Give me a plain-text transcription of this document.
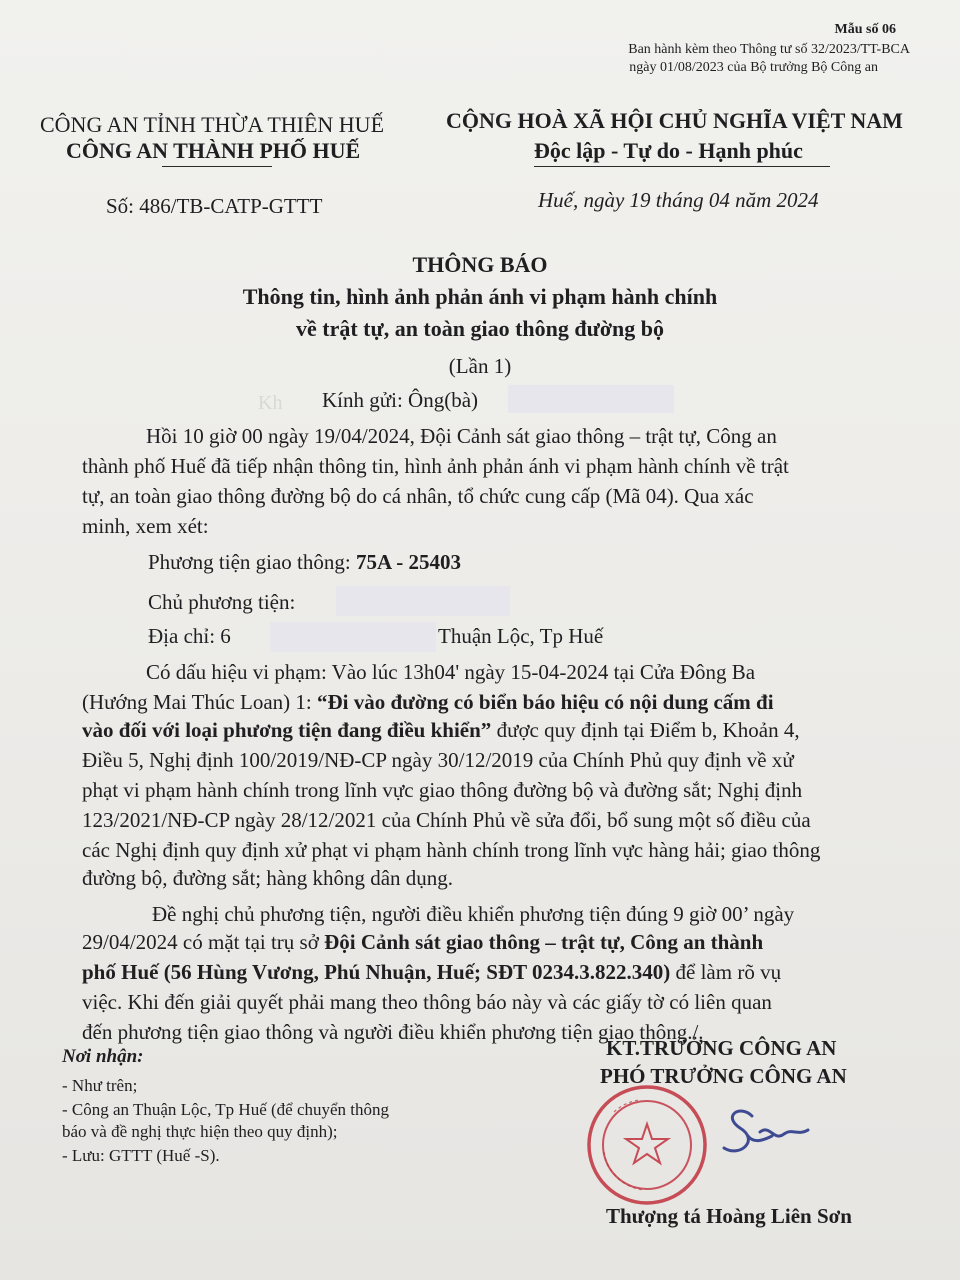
Mẫu số 06
Ban hành kèm theo Thông tư số 32/2023/TT-BCA
ngày 01/08/2023 của Bộ trưởng Bộ Công an
CÔNG AN TỈNH THỪA THIÊN HUẾ
CÔNG AN THÀNH PHỐ HUẾ
CỘNG HOÀ XÃ HỘI CHỦ NGHĨA VIỆT NAM
Độc lập - Tự do - Hạnh phúc
Số: 486/TB-CATP-GTTT	Huế, ngày 19 tháng 04 năm 2024
THÔNG BÁO
Thông tin, hình ảnh phản ánh vi phạm hành chính
về trật tự, an toàn giao thông đường bộ
(Lần 1)
Kính gửi: Ông(bà)
Kh
Hồi 10 giờ 00 ngày 19/04/2024, Đội Cảnh sát giao thông – trật tự, Công an
thành phố Huế đã tiếp nhận thông tin, hình ảnh phản ánh vi phạm hành chính về trật
tự, an toàn giao thông đường bộ do cá nhân, tổ chức cung cấp (Mã 04). Qua xác
minh, xem xét:
Phương tiện giao thông: 75A - 25403
Chủ phương tiện:
Địa chỉ: 6	Thuận Lộc, Tp Huế
Có dấu hiệu vi phạm: Vào lúc 13h04' ngày 15-04-2024 tại Cửa Đông Ba
(Hướng Mai Thúc Loan) 1: “Đi vào đường có biển báo hiệu có nội dung cấm đi
vào đối với loại phương tiện đang điều khiển” được quy định tại Điểm b, Khoản 4,
Điều 5, Nghị định 100/2019/NĐ-CP ngày 30/12/2019 của Chính Phủ quy định về xử
phạt vi phạm hành chính trong lĩnh vực giao thông đường bộ và đường sắt; Nghị định
123/2021/NĐ-CP ngày 28/12/2021 của Chính Phủ về sửa đổi, bổ sung một số điều của
các Nghị định quy định xử phạt vi phạm hành chính trong lĩnh vực hàng hải; giao thông
đường bộ, đường sắt; hàng không dân dụng.
Đề nghị chủ phương tiện, người điều khiển phương tiện đúng 9 giờ 00’ ngày
29/04/2024 có mặt tại trụ sở Đội Cảnh sát giao thông – trật tự, Công an thành
phố Huế (56 Hùng Vương, Phú Nhuận, Huế; SĐT 0234.3.822.340) để làm rõ vụ
việc. Khi đến giải quyết phải mang theo thông báo này và các giấy tờ có liên quan
đến phương tiện giao thông và người điều khiển phương tiện giao thông./.
Nơi nhận:
- Như trên;
- Công an Thuận Lộc, Tp Huế (để chuyển thông
báo và đề nghị thực hiện theo quy định);
- Lưu: GTTT (Huế -S).
KT.TRƯỞNG CÔNG AN
PHÓ TRƯỞNG CÔNG AN
Thượng tá Hoàng Liên Sơn
